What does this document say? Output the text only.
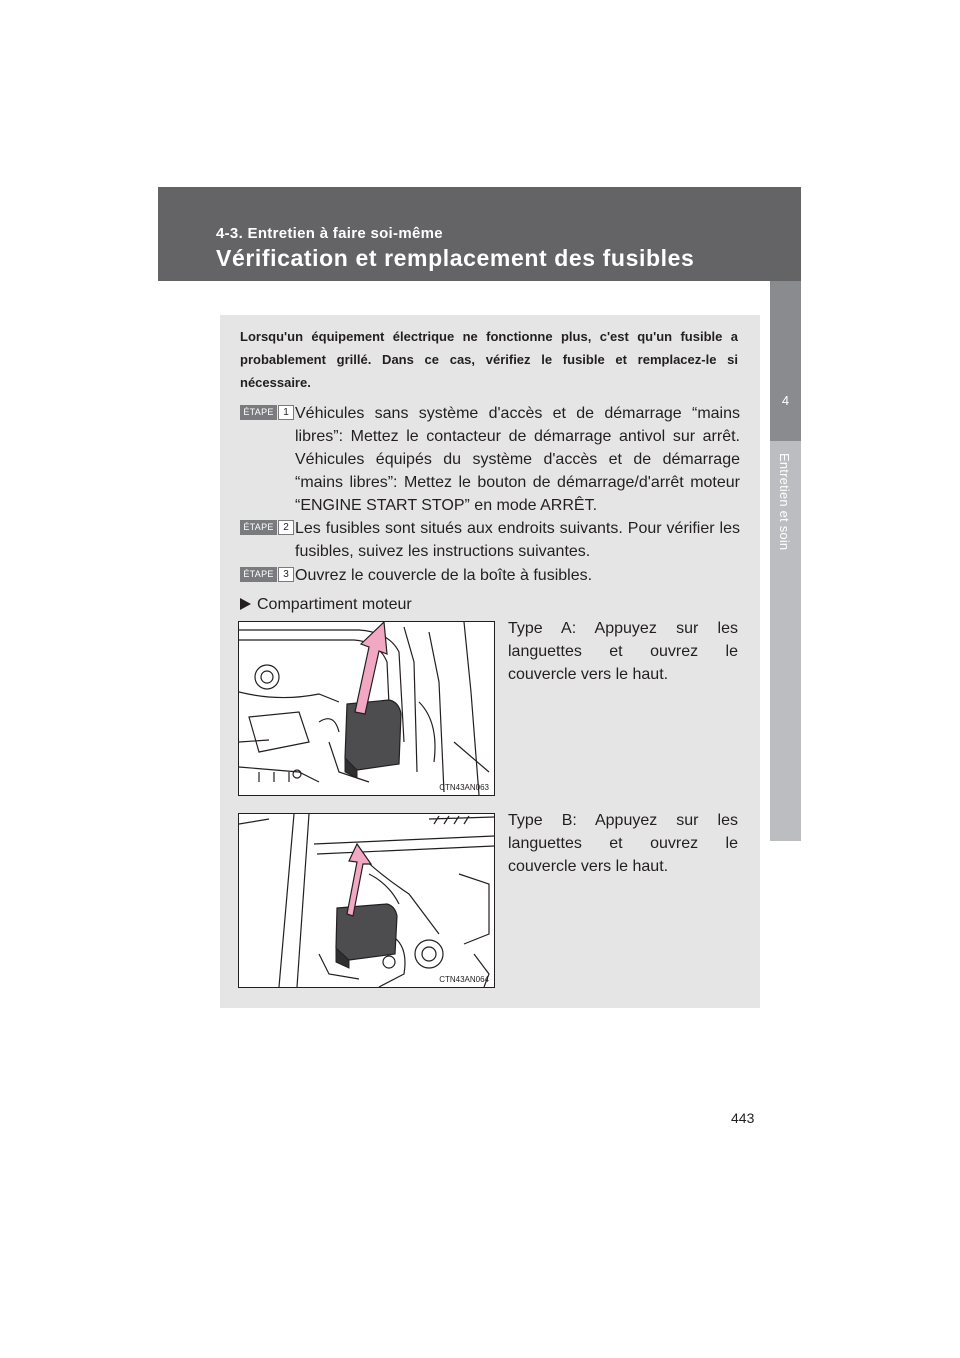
4-3. Entretien à faire soi-même
Vérification et remplacement des fusibles
4
Entretien et soin
Lorsqu'un équipement électrique ne fonctionne plus, c'est qu'un fusible a probablement grillé. Dans ce cas, vérifiez le fusible et remplacez-le si nécessaire.
ÉTAPE 1 Véhicules sans système d'accès et de démarrage “mains libres”: Mettez le contacteur de démarrage antivol sur arrêt. Véhicules équipés du système d'accès et de démarrage “mains libres”: Mettez le bouton de démarrage/d'arrêt moteur “ENGINE START STOP” en mode ARRÊT.
ÉTAPE 2 Les fusibles sont situés aux endroits suivants. Pour vérifier les fusibles, suivez les instructions suivantes.
ÉTAPE 3 Ouvrez le couvercle de la boîte à fusibles.
Compartiment moteur
CTN43AN063
Type A: Appuyez sur les languettes et ouvrez le couvercle vers le haut.
CTN43AN064
Type B: Appuyez sur les languettes et ouvrez le couvercle vers le haut.
443
